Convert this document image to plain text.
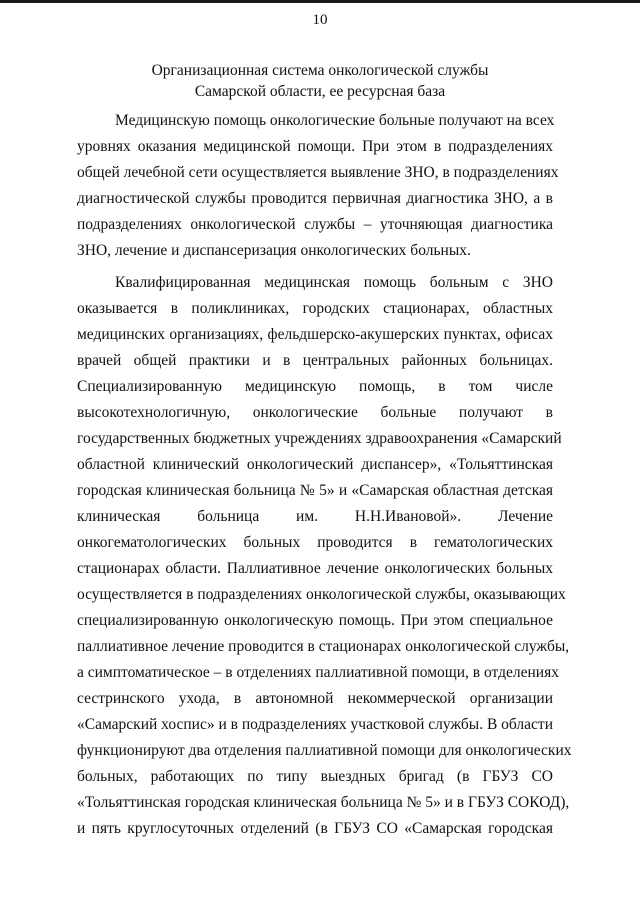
10
Организационная система онкологической службы
Самарской области, ее ресурсная база
Медицинскую помощь онкологические больные получают на всех
уровнях оказания медицинской помощи. При этом в подразделениях
общей лечебной сети осуществляется выявление ЗНО, в подразделениях
диагностической службы проводится первичная диагностика ЗНО, а в
подразделениях онкологической службы – уточняющая диагностика
ЗНО, лечение и диспансеризация онкологических больных.
Квалифицированная медицинская помощь больным с ЗНО
оказывается в поликлиниках, городских стационарах, областных
медицинских организациях, фельдшерско-акушерских пунктах, офисах
врачей общей практики и в центральных районных больницах.
Специализированную медицинскую помощь, в том числе
высокотехнологичную, онкологические больные получают в
государственных бюджетных учреждениях здравоохранения «Самарский
областной клинический онкологический диспансер», «Тольяттинская
городская клиническая больница № 5» и «Самарская областная детская
клиническая больница им. Н.Н.Ивановой». Лечение
онкогематологических больных проводится в гематологических
стационарах области. Паллиативное лечение онкологических больных
осуществляется в подразделениях онкологической службы, оказывающих
специализированную онкологическую помощь. При этом специальное
паллиативное лечение проводится в стационарах онкологической службы,
а симптоматическое – в отделениях паллиативной помощи, в отделениях
сестринского ухода, в автономной некоммерческой организации
«Самарский хоспис» и в подразделениях участковой службы. В области
функционируют два отделения паллиативной помощи для онкологических
больных, работающих по типу выездных бригад (в ГБУЗ СО
«Тольяттинская городская клиническая больница № 5» и в ГБУЗ СОКОД),
и пять круглосуточных отделений (в ГБУЗ СО «Самарская городская
